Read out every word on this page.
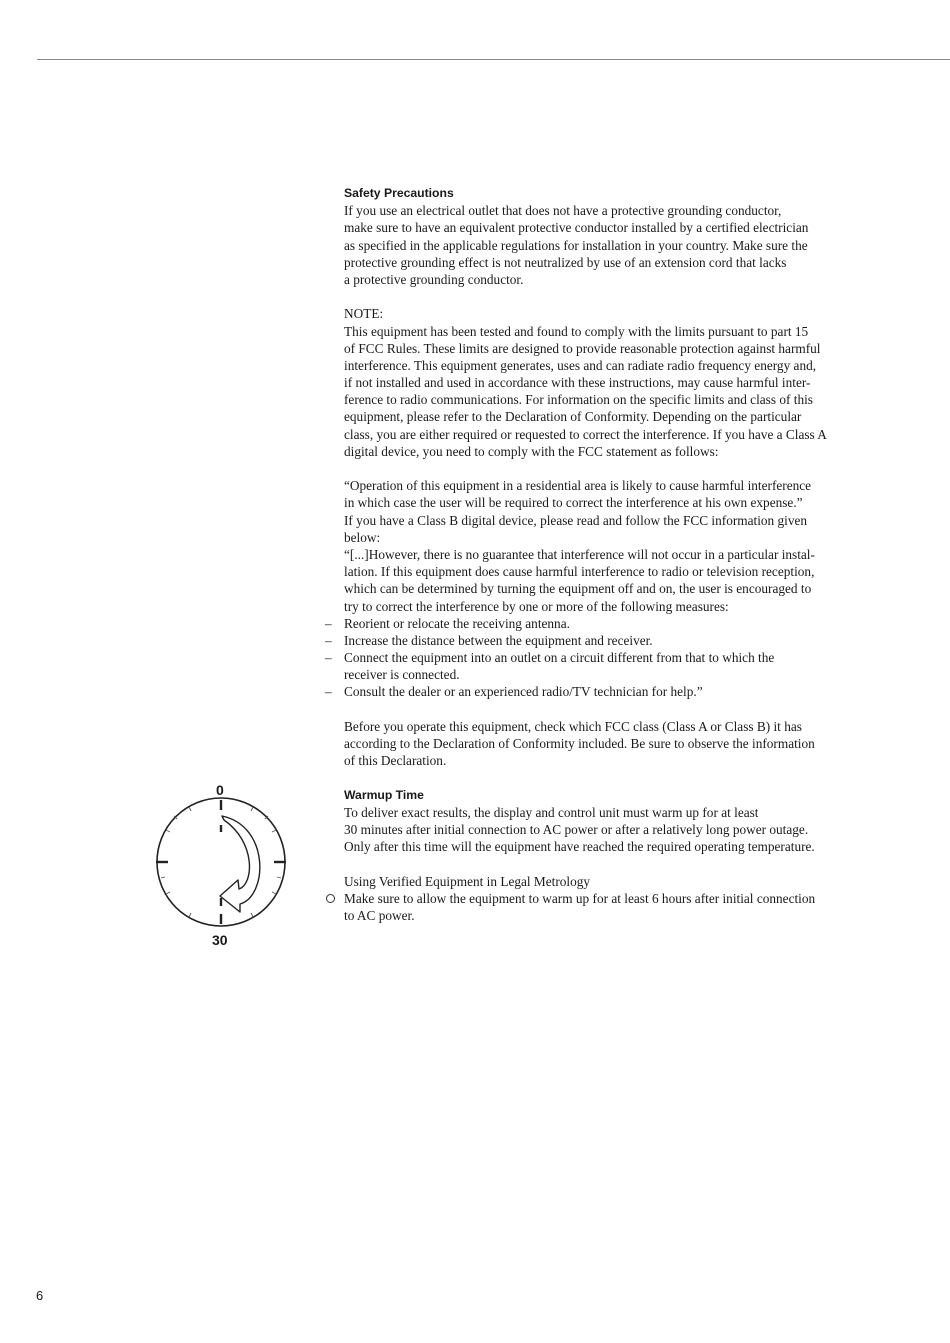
Safety Precautions
If you use an electrical outlet that does not have a protective grounding conductor,
make sure to have an equivalent protective conductor installed by a certified electrician
as specified in the applicable regulations for installation in your country. Make sure the
protective grounding effect is not neutralized by use of an extension cord that lacks
a protective grounding conductor.
NOTE:
This equipment has been tested and found to comply with the limits pursuant to part 15
of FCC Rules. These limits are designed to provide reasonable protection against harmful
interference. This equipment generates, uses and can radiate radio frequency energy and,
if not installed and used in accordance with these instructions, may cause harmful inter-
ference to radio communications. For information on the specific limits and class of this
equipment, please refer to the Declaration of Conformity. Depending on the particular
class, you are either required or requested to correct the interference. If you have a Class A
digital device, you need to comply with the FCC statement as follows:
“Operation of this equipment in a residential area is likely to cause harmful interference
in which case the user will be required to correct the interference at his own expense.”
If you have a Class B digital device, please read and follow the FCC information given
below:
“[...]However, there is no guarantee that interference will not occur in a particular instal-
lation. If this equipment does cause harmful interference to radio or television reception,
which can be determined by turning the equipment off and on, the user is encouraged to
try to correct the interference by one or more of the following measures:
– Reorient or relocate the receiving antenna.
– Increase the distance between the equipment and receiver.
– Connect the equipment into an outlet on a circuit different from that to which the
receiver is connected.
– Consult the dealer or an experienced radio/TV technician for help.”
Before you operate this equipment, check which FCC class (Class A or Class B) it has
according to the Declaration of Conformity included. Be sure to observe the information
of this Declaration.
Warmup Time
To deliver exact results, the display and control unit must warm up for at least
30 minutes after initial connection to AC power or after a relatively long power outage.
Only after this time will the equipment have reached the required operating temperature.
Using Verified Equipment in Legal Metrology
Make sure to allow the equipment to warm up for at least 6 hours after initial connection
to AC power.
0
30
6
